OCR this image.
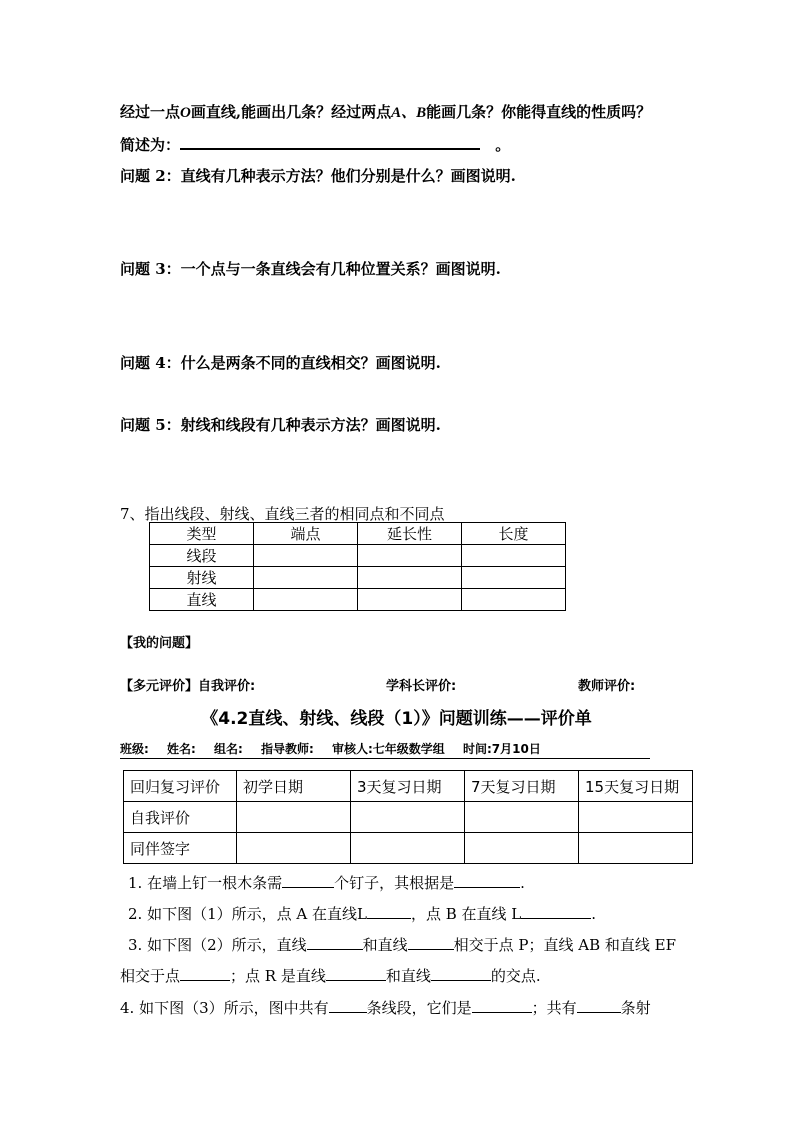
经过一点O画直线,能画出几条？经过两点A、B能画几条？你能得直线的性质吗？
简述为：	。
问题 2：直线有几种表示方法？他们分别是什么？画图说明.
问题 3：一个点与一条直线会有几种位置关系？画图说明.
问题 4：什么是两条不同的直线相交？画图说明.
问题 5：射线和线段有几种表示方法？画图说明.
7、指出线段、射线、直线三者的相同点和不同点
类型	端点	延长性	长度
线段			
射线			
直线			
【我的问题】
【多元评价】自我评价:	学科长评价:	教师评价:
《4.2直线、射线、线段（1）》问题训练——评价单
班级: 姓名: 组名: 指导教师: 审核人:七年级数学组 时间:7月10日
回归复习评价	初学日期	3天复习日期	7天复习日期	15天复习日期
自我评价				
同伴签字				
1. 在墙上钉一根木条需	个钉子，其根据是	.
2. 如下图（1）所示，点 A 在直线L	，点 B 在直线 L	.
3. 如下图（2）所示，直线	和直线	相交于点 P；直线 AB 和直线 EF
相交于点	；点 R 是直线	和直线	的交点.
4. 如下图（3）所示，图中共有	条线段，它们是	；共有	条射
